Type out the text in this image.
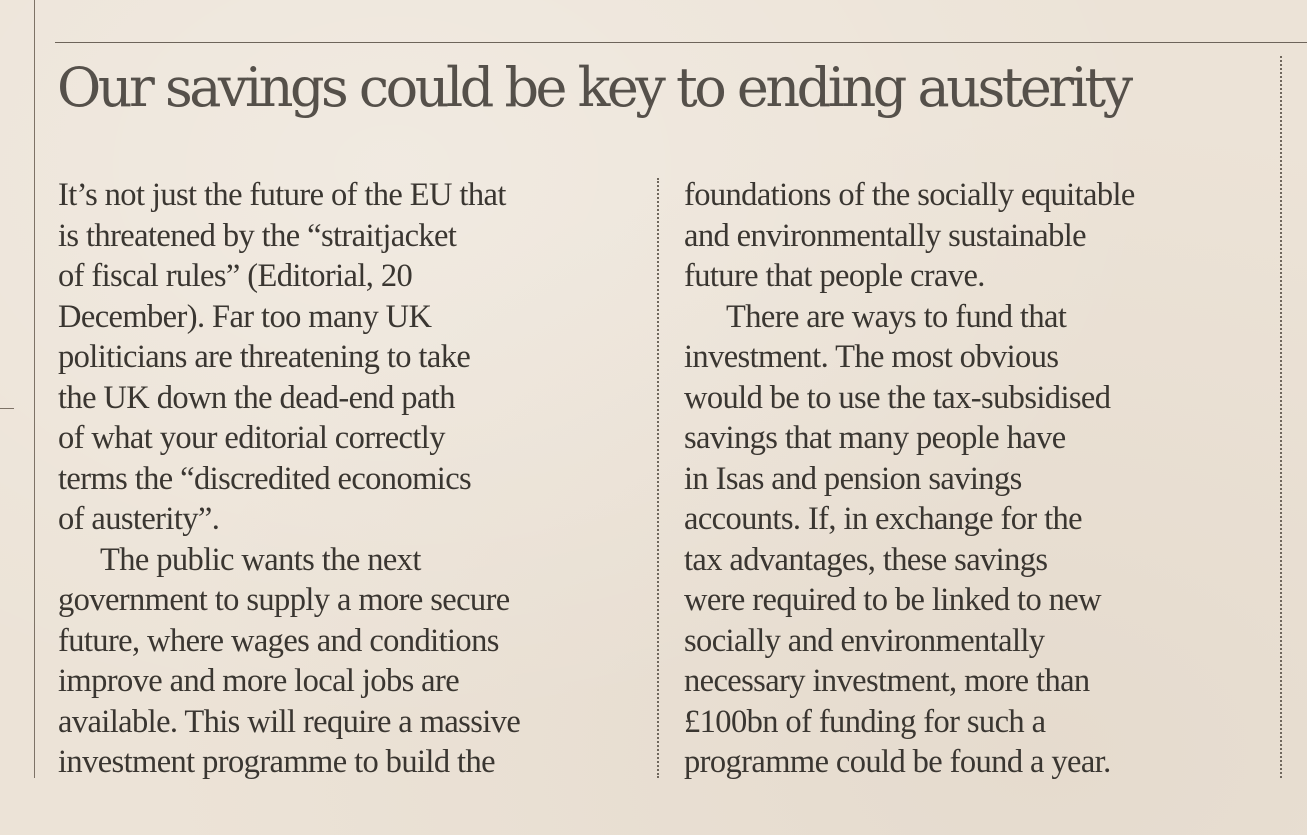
Our savings could be key to ending austerity
It’s not just the future of the EU that
is threatened by the “straitjacket
of fiscal rules” (Editorial, 20
December). Far too many UK
politicians are threatening to take
the UK down the dead-end path
of what your editorial correctly
terms the “discredited economics
of austerity”.
The public wants the next
government to supply a more secure
future, where wages and conditions
improve and more local jobs are
available. This will require a massive
investment programme to build the
foundations of the socially equitable
and environmentally sustainable
future that people crave.
There are ways to fund that
investment. The most obvious
would be to use the tax-subsidised
savings that many people have
in Isas and pension savings
accounts. If, in exchange for the
tax advantages, these savings
were required to be linked to new
socially and environmentally
necessary investment, more than
£100bn of funding for such a
programme could be found a year.
